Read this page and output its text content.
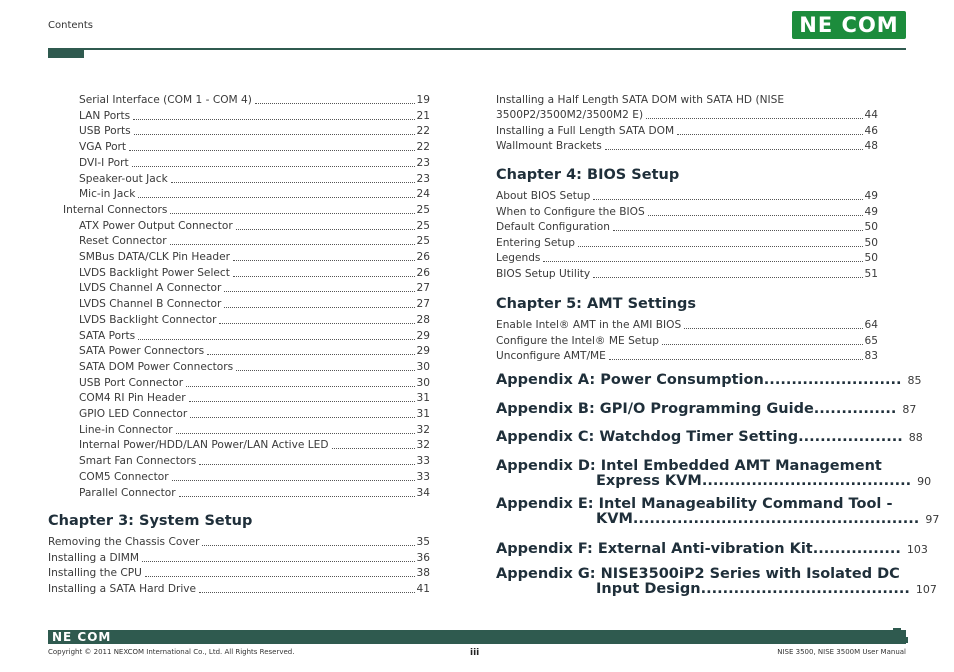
Contents	NE COM
Serial Interface (COM 1 - COM 4)	19
LAN Ports	21
USB Ports	22
VGA Port	22
DVI-I Port	23
Speaker-out Jack	23
Mic-in Jack	24
Internal Connectors	25
ATX Power Output Connector	25
Reset Connector	25
SMBus DATA/CLK Pin Header	26
LVDS Backlight Power Select	26
LVDS Channel A Connector	27
LVDS Channel B Connector	27
LVDS Backlight Connector	28
SATA Ports	29
SATA Power Connectors	29
SATA DOM Power Connectors	30
USB Port Connector	30
COM4 RI Pin Header	31
GPIO LED Connector	31
Line-in Connector	32
Internal Power/HDD/LAN Power/LAN Active LED	32
Smart Fan Connectors	33
COM5 Connector	33
Parallel Connector	34
Chapter 3: System Setup
Removing the Chassis Cover	35
Installing a DIMM	36
Installing the CPU	38
Installing a SATA Hard Drive	41
Installing a Half Length SATA DOM with SATA HD (NISE
3500P2/3500M2/3500M2 E)	44
Installing a Full Length SATA DOM	46
Wallmount Brackets	48
Chapter 4: BIOS Setup
About BIOS Setup	49
When to Configure the BIOS	49
Default Configuration	50
Entering Setup	50
Legends	50
BIOS Setup Utility	51
Chapter 5: AMT Settings
Enable Intel® AMT in the AMI BIOS	64
Configure the Intel® ME Setup	65
Unconfigure AMT/ME	83
Appendix A: Power Consumption......................... 85
Appendix B: GPI/O Programming Guide............... 87
Appendix C: Watchdog Timer Setting................... 88
Appendix D: Intel Embedded AMT Management
Express KVM...................................... 90
Appendix E: Intel Manageability Command Tool -
KVM.................................................... 97
Appendix F: External Anti-vibration Kit................ 103
Appendix G: NISE3500iP2 Series with Isolated DC
Input Design...................................... 107
NE COM
Copyright © 2011 NEXCOM International Co., Ltd. All Rights Reserved.	iii	NISE 3500, NISE 3500M User Manual
